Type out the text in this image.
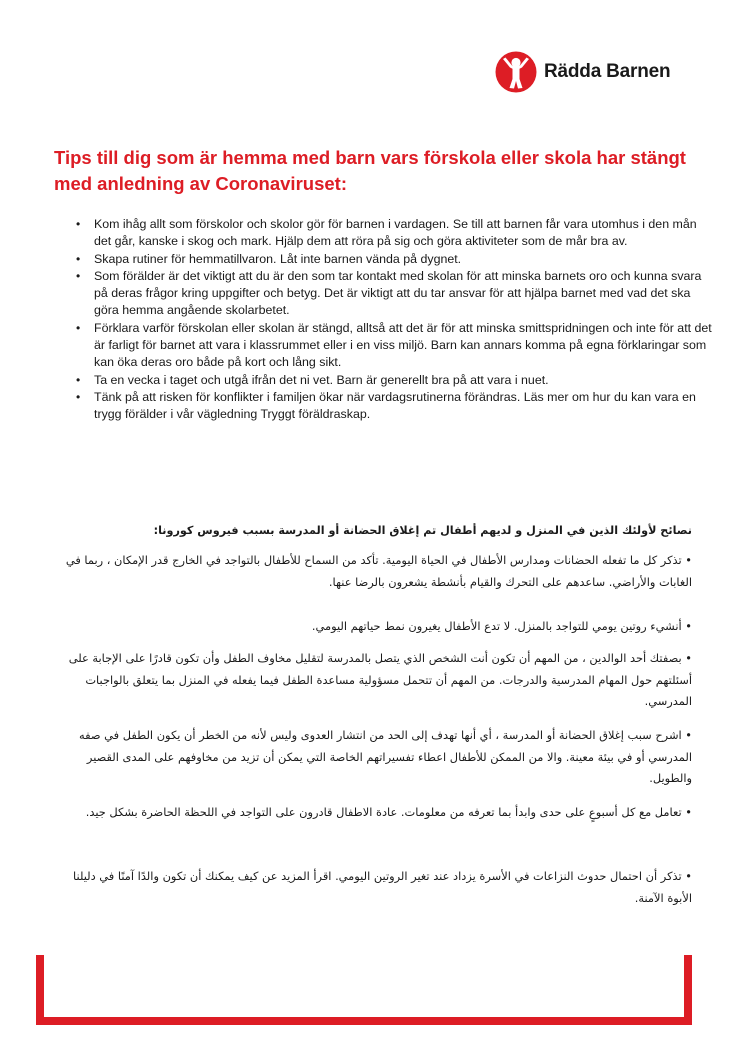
Rädda Barnen
Tips till dig som är hemma med barn vars förskola eller skola har stängt med anledning av Coronaviruset:
• Kom ihåg allt som förskolor och skolor gör för barnen i vardagen. Se till att barnen får vara utomhus i den mån det går, kanske i skog och mark. Hjälp dem att röra på sig och göra aktiviteter som de mår bra av.
• Skapa rutiner för hemmatillvaron. Låt inte barnen vända på dygnet.
• Som förälder är det viktigt att du är den som tar kontakt med skolan för att minska barnets oro och kunna svara på deras frågor kring uppgifter och betyg. Det är viktigt att du tar ansvar för att hjälpa barnet med vad det ska göra hemma angående skolarbetet.
• Förklara varför förskolan eller skolan är stängd, alltså att det är för att minska smittspridningen och inte för att det är farligt för barnet att vara i klassrummet eller i en viss miljö. Barn kan annars komma på egna förklaringar som kan öka deras oro både på kort och lång sikt.
• Ta en vecka i taget och utgå ifrån det ni vet. Barn är generellt bra på att vara i nuet.
• Tänk på att risken för konflikter i familjen ökar när vardagsrutinerna förändras. Läs mer om hur du kan vara en trygg förälder i vår vägledning Tryggt föräldraskap.
نصائح لأولئك الذين في المنزل و لديهم أطفال تم إغلاق الحضانة أو المدرسة بسبب فيروس كورونا:

• تذكر كل ما تفعله الحضانات ومدارس الأطفال في الحياة اليومية. تأكد من السماح للأطفال بالتواجد في الخارج قدر الإمكان ، ربما في الغابات والأراضي. ساعدهم على التحرك والقيام بأنشطة يشعرون بالرضا عنها.

• أنشيء روتين يومي للتواجد بالمنزل. لا تدع الأطفال يغيرون نمط حياتهم اليومي.

• بصفتك أحد الوالدين ، من المهم أن تكون أنت الشخص الذي يتصل بالمدرسة لتقليل مخاوف الطفل وأن تكون قادرًا على الإجابة على أسئلتهم حول المهام المدرسية والدرجات. من المهم أن تتحمل مسؤولية مساعدة الطفل فيما يفعله في المنزل بما يتعلق بالواجبات المدرسي.

• اشرح سبب إغلاق الحضانة أو المدرسة ، أي أنها تهدف إلى الحد من انتشار العدوى وليس لأنه من الخطر أن يكون الطفل في صفه المدرسي أو في بيئة معينة. والا من الممكن للأطفال اعطاء تفسيراتهم الخاصة التي يمكن أن تزيد من مخاوفهم على المدى القصير والطويل.

• تعامل مع كل أسبوعٍ على حدى وابدأ بما تعرفه من معلومات. عادة الاطفال قادرون على التواجد في اللحظة الحاضرة بشكل جيد.

• تذكر أن احتمال حدوث النزاعات في الأسرة يزداد عند تغير الروتين اليومي. اقرأ المزيد عن كيف يمكنك أن تكون والدًا آمنًا في دليلنا الأبوة الآمنة.
